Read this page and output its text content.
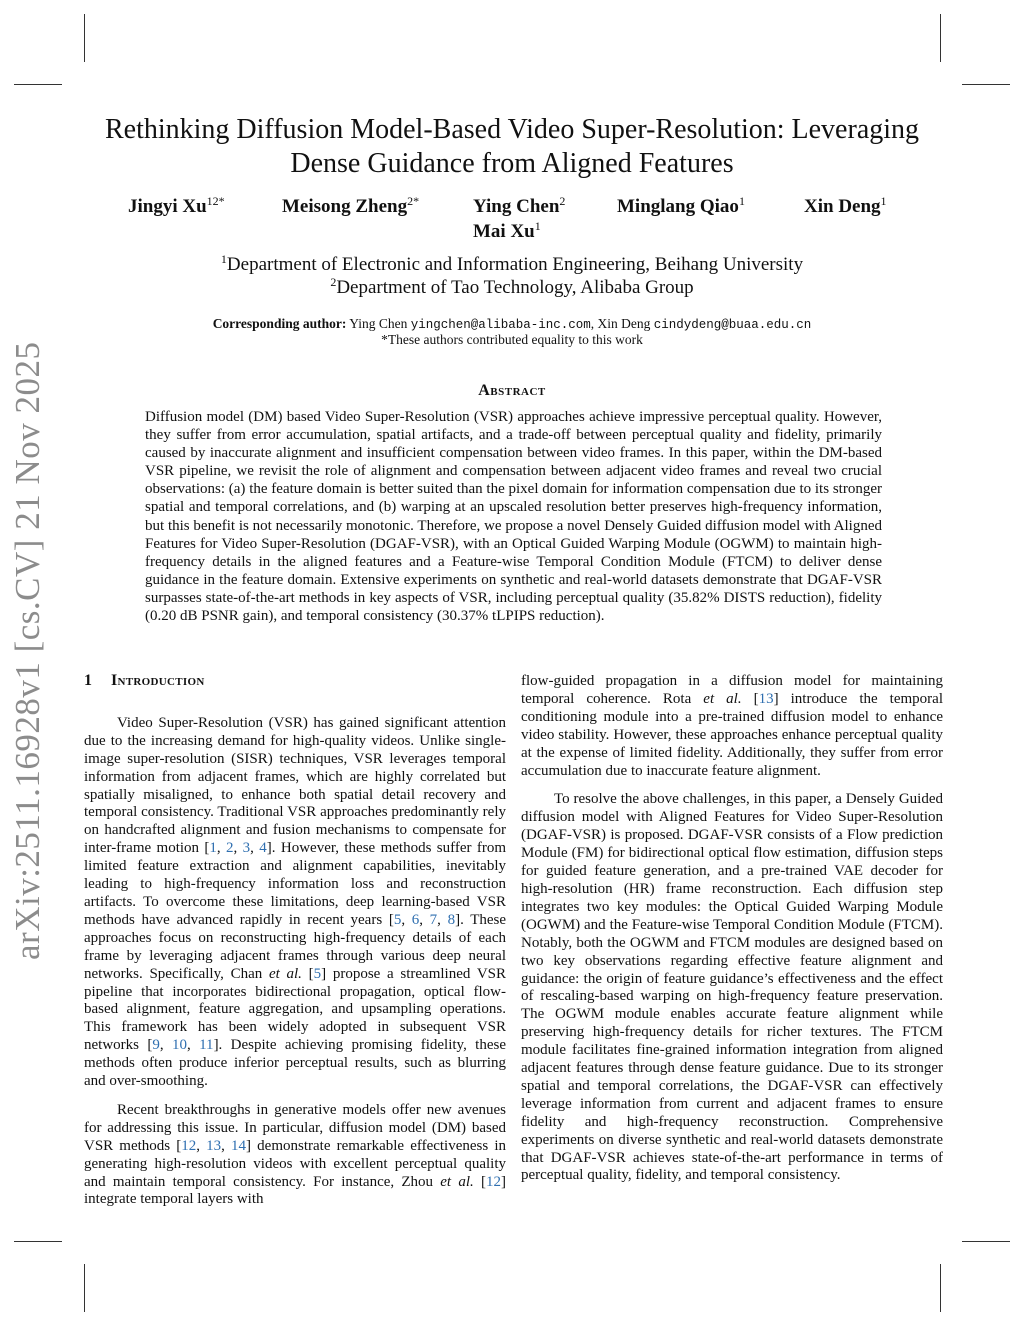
arXiv:2511.16928v1 [cs.CV] 21 Nov 2025
Rethinking Diffusion Model-Based Video Super-Resolution: Leveraging Dense Guidance from Aligned Features
Jingyi $Xu^{12*}$	Meisong Zheng$^{2*}$	Ying Chen$^2$	Minglang Qiao$^1$	Xin Deng$^1$
Mai Xu$^1$
$^1$Department of Electronic and Information Engineering, Beihang University
$^2$Department of Tao Technology, Alibaba Group
Corresponding author: Ying Chen yingchen@alibaba-inc.com, Xin Deng cindydeng@buaa.edu.cn
*These authors contributed equality to this work
Abstract

Diffusion model (DM) based Video Super-Resolution (VSR) approaches achieve impressive perceptual quality. However, they suffer from error accumulation, spatial artifacts, and a trade-off between perceptual quality and fidelity, primarily caused by inaccurate alignment and insufficient compensation between video frames. In this paper, within the DM-based VSR pipeline, we revisit the role of alignment and compensation between adjacent video frames and reveal two crucial observations: (a) the feature domain is better suited than the pixel domain for information compensation due to its stronger spatial and temporal correlations, and (b) warping at an upscaled resolution better preserves high-frequency information, but this benefit is not necessarily monotonic. Therefore, we propose a novel Densely Guided diffusion model with Aligned Features for Video Super-Resolution (DGAF-VSR), with an Optical Guided Warping Module (OGWM) to maintain high-frequency details in the aligned features and a Feature-wise Temporal Condition Module (FTCM) to deliver dense guidance in the feature domain. Extensive experiments on synthetic and real-world datasets demonstrate that DGAF-VSR surpasses state-of-the-art methods in key aspects of VSR, including perceptual quality (35.82% DISTS reduction), fidelity (0.20 dB PSNR gain), and temporal consistency (30.37% tLPIPS reduction).

1 Introduction

Video Super-Resolution (VSR) has gained significant attention due to the increasing demand for high-quality videos. Unlike single-image super-resolution (SISR) techniques, VSR leverages temporal information from adjacent frames, which are highly correlated but spatially misaligned, to enhance both spatial detail recovery and temporal consistency. Traditional VSR approaches predominantly rely on handcrafted alignment and fusion mechanisms to compensate for inter-frame motion [1, 2, 3, 4]. However, these methods suffer from limited feature extraction and alignment capabilities, inevitably leading to high-frequency information loss and reconstruction artifacts. To overcome these limitations, deep learning-based VSR methods have advanced rapidly in recent years [5, 6, 7, 8]. These approaches focus on reconstructing high-frequency details of each frame by leveraging adjacent frames through various deep neural networks. Specifically, Chan et al. [5] propose a streamlined VSR pipeline that incorporates bidirectional propagation, optical flow-based alignment, feature aggregation, and upsampling operations. This framework has been widely adopted in subsequent VSR networks [9, 10, 11]. Despite achieving promising fidelity, these methods often produce inferior perceptual results, such as blurring and over-smoothing.

Recent breakthroughs in generative models offer new avenues for addressing this issue. In particular, diffusion model (DM) based VSR methods [12, 13, 14] demonstrate remarkable effectiveness in generating high-resolution videos with excellent perceptual quality and maintain temporal consistency. For instance, Zhou et al. [12] integrate temporal layers with

flow-guided propagation in a diffusion model for maintaining temporal coherence. Rota et al. [13] introduce the temporal conditioning module into a pre-trained diffusion model to enhance video stability. However, these approaches enhance perceptual quality at the expense of limited fidelity. Additionally, they suffer from error accumulation due to inaccurate feature alignment.

To resolve the above challenges, in this paper, a Densely Guided diffusion model with Aligned Features for Video Super-Resolution (DGAF-VSR) is proposed. DGAF-VSR consists of a Flow prediction Module (FM) for bidirectional optical flow estimation, diffusion steps for guided feature generation, and a pre-trained VAE decoder for high-resolution (HR) frame reconstruction. Each diffusion step integrates two key modules: the Optical Guided Warping Module (OGWM) and the Feature-wise Temporal Condition Module (FTCM). Notably, both the OGWM and FTCM modules are designed based on two key observations regarding effective feature alignment and guidance: the origin of feature guidance’s effectiveness and the effect of rescaling-based warping on high-frequency feature preservation. The OGWM module enables accurate feature alignment while preserving high-frequency details for richer textures. The FTCM module facilitates fine-grained information integration from aligned adjacent features through dense feature guidance. Due to its stronger spatial and temporal correlations, the DGAF-VSR can effectively leverage information from current and adjacent frames to ensure fidelity and high-frequency reconstruction. Comprehensive experiments on diverse synthetic and real-world datasets demonstrate that DGAF-VSR achieves state-of-the-art performance in terms of perceptual quality, fidelity, and temporal consistency.
